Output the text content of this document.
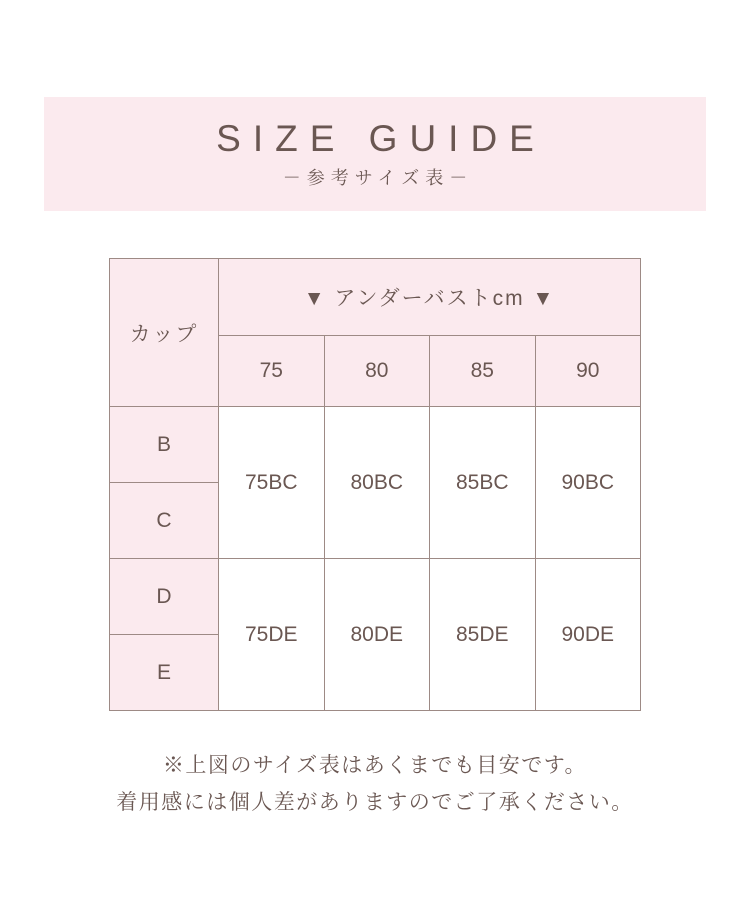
SIZE GUIDE
－参考サイズ表－
カップ	▼ アンダーバストcm ▼			
	75	80	85	90
B	75BC	80BC	85BC	90BC
C				
D	75DE	80DE	85DE	90DE
E				
※上図のサイズ表はあくまでも目安です。
着用感には個人差がありますのでご了承ください。
